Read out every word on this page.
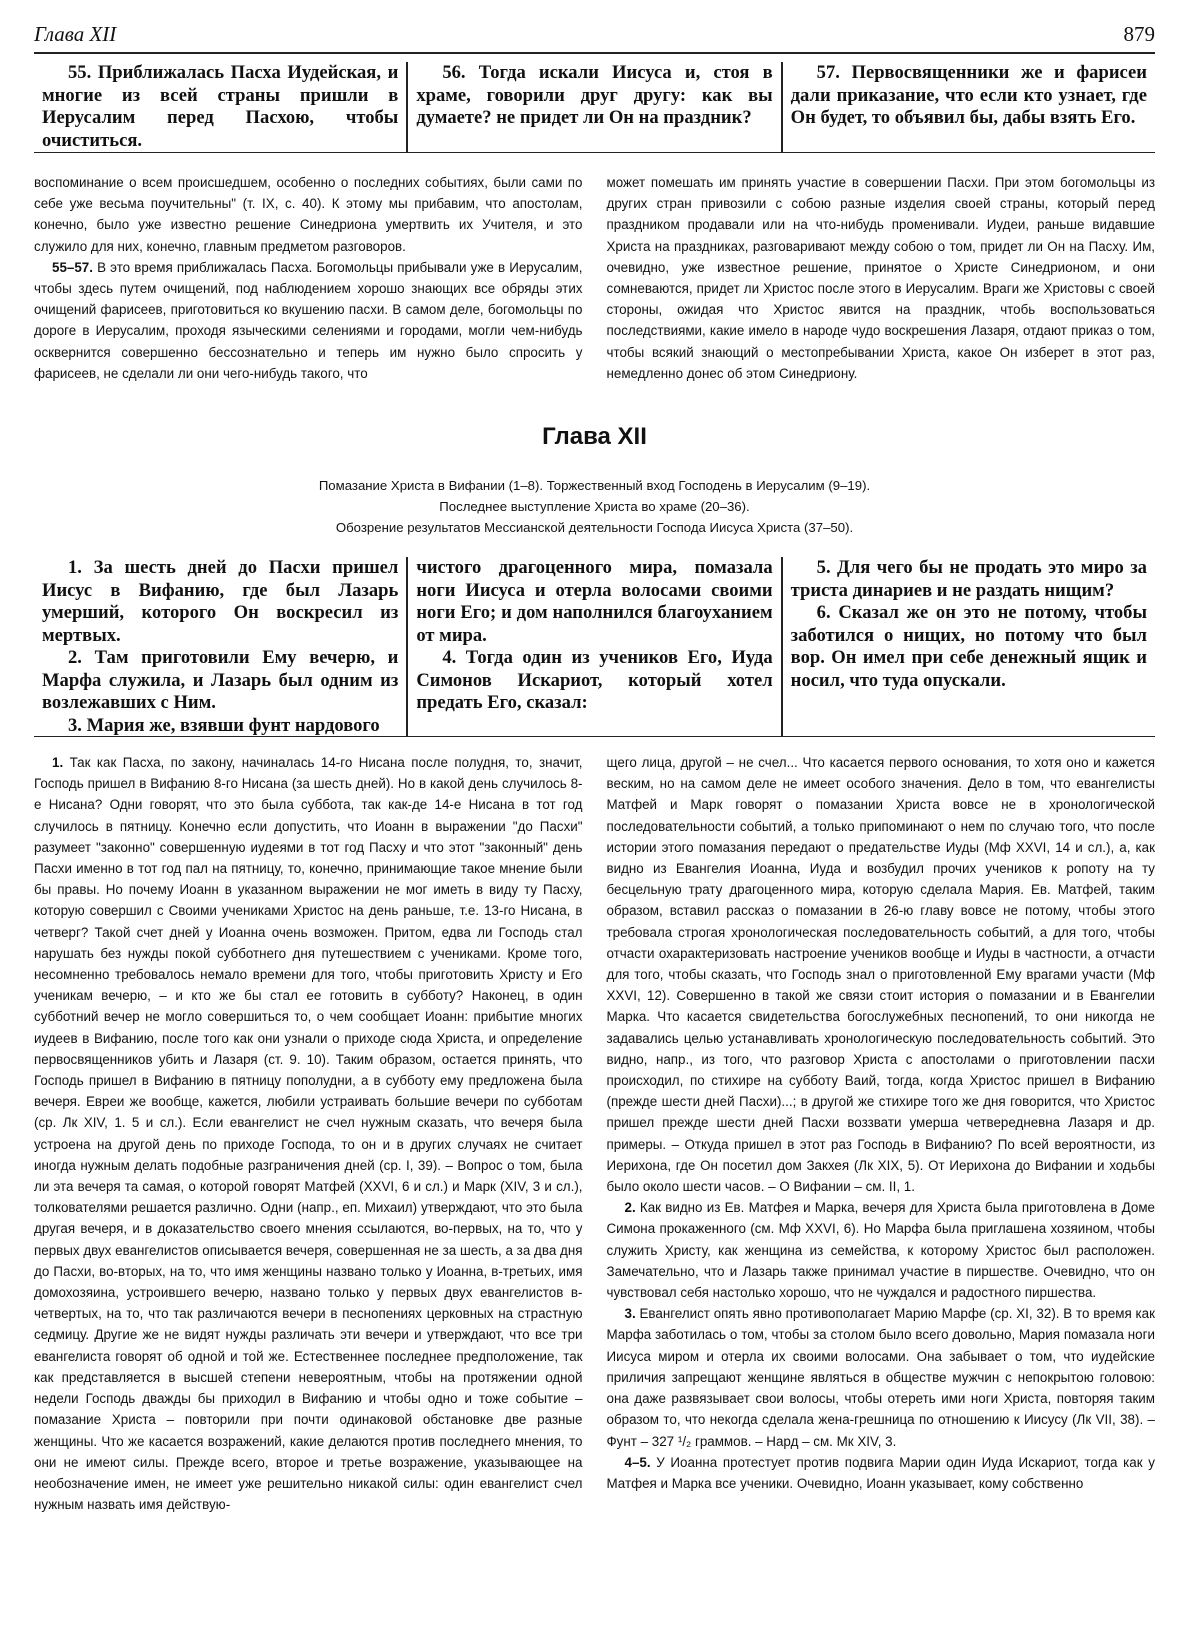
Глава XII	879

55. Приближалась Пасха Иудейская, и многие из всей страны пришли в Иерусалим перед Пасхою, чтобы очиститься.

56. Тогда искали Иисуса и, стоя в храме, говорили друг другу: как вы думаете? не придет ли Он на праздник?

57. Первосвященники же и фарисеи дали приказание, что если кто узнает, где Он будет, то объявил бы, дабы взять Его.

воспоминание о всем происшедшем, особенно о последних событиях, были сами по себе уже весьма поучительны" (т. IX, с. 40). К этому мы прибавим, что апостолам, конечно, было уже известно решение Синедриона умертвить их Учителя, и это служило для них, конечно, главным предметом разговоров.

55–57. В это время приближалась Пасха. Богомольцы прибывали уже в Иерусалим, чтобы здесь путем очищений, под наблюдением хорошо знающих все обряды этих очищений фарисеев, приготовиться ко вкушению пасхи. В самом деле, богомольцы по дороге в Иерусалим, проходя языческими селениями и городами, могли чем-нибудь осквернится совершенно бессознательно и теперь им нужно было спросить у фарисеев, не сделали ли они чего-нибудь такого, что

может помешать им принять участие в совершении Пасхи. При этом богомольцы из других стран привозили с собою разные изделия своей страны, который перед праздником продавали или на что-нибудь променивали. Иудеи, раньше видавшие Христа на праздниках, разговаривают между собою о том, придет ли Он на Пасху. Им, очевидно, уже известное решение, принятое о Христе Синедрионом, и они сомневаются, придет ли Христос после этого в Иерусалим. Враги же Христовы с своей стороны, ожидая что Христос явится на праздник, чтобь воспользоваться последствиями, какие имело в народе чудо воскрешения Лазаря, отдают приказ о том, чтобы всякий знающий о местопребывании Христа, какое Он изберет в этот раз, немедленно донес об этом Синедриону.

Глава XII
Помазание Христа в Вифании (1–8). Торжественный вход Господень в Иерусалим (9–19).
Последнее выступление Христа во храме (20–36).
Обозрение результатов Мессианской деятельности Господа Иисуса Христа (37–50).

1. За шесть дней до Пасхи пришел Иисус в Вифанию, где был Лазарь умерший, которого Он воскресил из мертвых.

2. Там приготовили Ему вечерю, и Марфа служила, и Лазарь был одним из возлежавших с Ним.

3. Мария же, взявши фунт нардового

чистого драгоценного мира, помазала ноги Иисуса и отерла волосами своими ноги Его; и дом наполнился благоуханием от мира.

4. Тогда один из учеников Его, Иуда Симонов Искариот, который хотел предать Его, сказал:

5. Для чего бы не продать это миро за триста динариев и не раздать нищим?

6. Сказал же он это не потому, чтобы заботился о нищих, но потому что был вор. Он имел при себе денежный ящик и носил, что туда опускали.

1. Так как Пасха, по закону, начиналась 14-го Нисана после полудня, то, значит, Господь пришел в Вифанию 8-го Нисана (за шесть дней). Но в какой день случилось 8-е Нисана? Одни говорят, что это была суббота, так как-де 14-е Нисана в тот год случилось в пятницу. Конечно если допустить, что Иоанн в выражении "до Пасхи" разумеет "законно" совершенную иудеями в тот год Пасху и что этот "законный" день Пасхи именно в тот год пал на пятницу, то, конечно, принимающие такое мнение были бы правы. Но почему Иоанн в указанном выражении не мог иметь в виду ту Пасху, которую совершил с Своими учениками Христос на день раньше, т.е. 13-го Нисана, в четверг? Такой счет дней у Иоанна очень возможен. Притом, едва ли Господь стал нарушать без нужды покой субботнего дня путешествием с учениками. Кроме того, несомненно требовалось немало времени для того, чтобы приготовить Христу и Его ученикам вечерю, – и кто же бы стал ее готовить в субботу? Наконец, в один субботний вечер не могло совершиться то, о чем сообщает Иоанн: прибытие многих иудеев в Вифанию, после того как они узнали о приходе сюда Христа, и определение первосвященников убить и Лазаря (ст. 9. 10). Таким образом, остается принять, что Господь пришел в Вифанию в пятницу пополудни, а в субботу ему предложена была вечеря. Евреи же вообще, кажется, любили устраивать большие вечери по субботам (ср. Лк XIV, 1. 5 и сл.). Если евангелист не счел нужным сказать, что вечеря была устроена на другой день по приходе Господа, то он и в других случаях не считает иногда нужным делать подобные разграничения дней (ср. I, 39). – Вопрос о том, была ли эта вечеря та самая, о которой говорят Матфей (XXVI, 6 и сл.) и Марк (XIV, 3 и сл.), толкователями решается различно. Одни (напр., еп. Михаил) утверждают, что это была другая вечеря, и в доказательство своего мнения ссылаются, во-первых, на то, что у первых двух евангелистов описывается вечеря, совершенная не за шесть, а за два дня до Пасхи, во-вторых, на то, что имя женщины названо только у Иоанна, в-третьих, имя домохозяина, устроившего вечерю, названо только у первых двух евангелистов в-четвертых, на то, что так различаются вечери в песнопениях церковных на страстную седмицу. Другие же не видят нужды различать эти вечери и утверждают, что все три евангелиста говорят об одной и той же. Естественнее последнее предположение, так как представляется в высшей степени невероятным, чтобы на протяжении одной недели Господь дважды бы приходил в Вифанию и чтобы одно и тоже событие – помазание Христа – повторили при почти одинаковой обстановке две разные женщины. Что же касается возражений, какие делаются против последнего мнения, то они не имеют силы. Прежде всего, второе и третье возражение, указывающее на необозначение имен, не имеет уже решительно никакой силы: один евангелист счел нужным назвать имя действую-

щего лица, другой – не счел... Что касается первого основания, то хотя оно и кажется веским, но на самом деле не имеет особого значения. Дело в том, что евангелисты Матфей и Марк говорят о помазании Христа вовсе не в хронологической последовательности событий, а только припоминают о нем по случаю того, что после истории этого помазания передают о предательстве Иуды (Мф XXVI, 14 и сл.), а, как видно из Евангелия Иоанна, Иуда и возбудил прочих учеников к ропоту на ту бесцельную трату драгоценного мира, которую сделала Мария. Ев. Матфей, таким образом, вставил рассказ о помазании в 26-ю главу вовсе не потому, чтобы этого требовала строгая хронологическая последовательность событий, а для того, чтобы отчасти охарактеризовать настроение учеников вообще и Иуды в частности, а отчасти для того, чтобы сказать, что Господь знал о приготовленной Ему врагами участи (Мф XXVI, 12). Совершенно в такой же связи стоит история о помазании и в Евангелии Марка. Что касается свидетельства богослужебных песнопений, то они никогда не задавались целью устанавливать хронологическую последовательность событий. Это видно, напр., из того, что разговор Христа с апостолами о приготовлении пасхи происходил, по стихире на субботу Ваий, тогда, когда Христос пришел в Вифанию (прежде шести дней Пасхи)...; в другой же стихире того же дня говорится, что Христос пришел прежде шести дней Пасхи воззвати умерша четвередневна Лазаря и др. примеры. – Откуда пришел в этот раз Господь в Вифанию? По всей вероятности, из Иерихона, где Он посетил дом Закхея (Лк XIX, 5). От Иерихона до Вифании и ходьбы было около шести часов. – О Вифании – см. II, 1.

2. Как видно из Ев. Матфея и Марка, вечеря для Христа была приготовлена в Доме Симона прокаженного (см. Мф XXVI, 6). Но Марфа была приглашена хозяином, чтобы служить Христу, как женщина из семейства, к которому Христос был расположен. Замечательно, что и Лазарь также принимал участие в пиршестве. Очевидно, что он чувствовал себя настолько хорошо, что не чуждался и радостного пиршества.

3. Евангелист опять явно противополагает Марию Марфе (ср. XI, 32). В то время как Марфа заботилась о том, чтобы за столом было всего довольно, Мария помазала ноги Иисуса миром и отерла их своими волосами. Она забывает о том, что иудейские приличия запрещают женщине являться в обществе мужчин с непокрытою головою: она даже развязывает свои волосы, чтобы отереть ими ноги Христа, повторяя таким образом то, что некогда сделала жена-грешница по отношению к Иисусу (Лк VII, 38). – Фунт – 327 ¹/₂ граммов. – Нард – см. Мк XIV, 3.

4–5. У Иоанна протестует против подвига Марии один Иуда Искариот, тогда как у Матфея и Марка все ученики. Очевидно, Иоанн указывает, кому собственно
